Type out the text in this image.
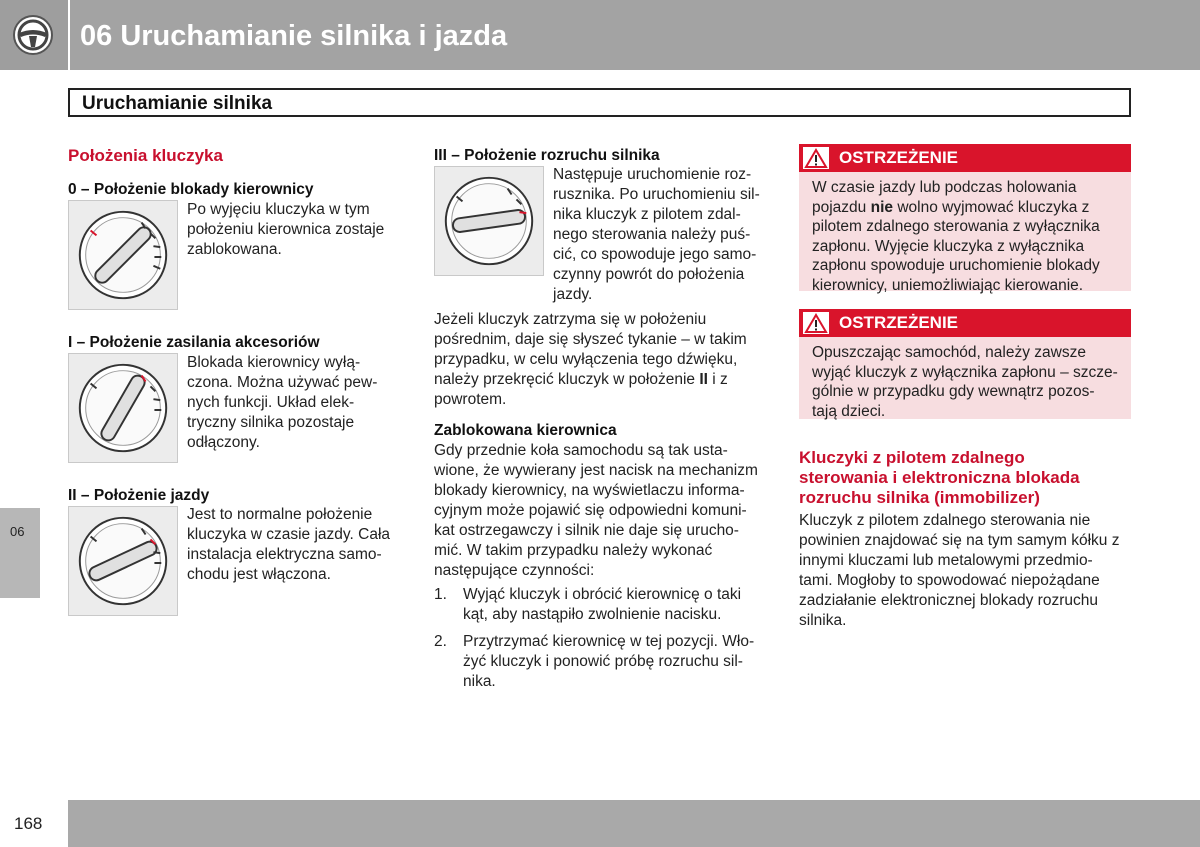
06 Uruchamianie silnika i jazda
Uruchamianie silnika
Położenia kluczyka
0 – Położenie blokady kierownicy
Po wyjęciu kluczyka w tym
położeniu kierownica zostaje
zablokowana.
I – Położenie zasilania akcesoriów
Blokada kierownicy wyłą-
czona. Można używać pew-
nych funkcji. Układ elek-
tryczny silnika pozostaje
odłączony.
II – Położenie jazdy
Jest to normalne położenie
kluczyka w czasie jazdy. Cała
instalacja elektryczna samo-
chodu jest włączona.
III – Położenie rozruchu silnika
Następuje uruchomienie roz-
rusznika. Po uruchomieniu sil-
nika kluczyk z pilotem zdal-
nego sterowania należy puś-
cić, co spowoduje jego samo-
czynny powrót do położenia
jazdy.
Jeżeli kluczyk zatrzyma się w położeniu
pośrednim, daje się słyszeć tykanie – w takim
przypadku, w celu wyłączenia tego dźwięku,
należy przekręcić kluczyk w położenie II i z
powrotem.
Zablokowana kierownica
Gdy przednie koła samochodu są tak usta-
wione, że wywierany jest nacisk na mechanizm
blokady kierownicy, na wyświetlaczu informa-
cyjnym może pojawić się odpowiedni komuni-
kat ostrzegawczy i silnik nie daje się urucho-
mić. W takim przypadku należy wykonać
następujące czynności:
1. Wyjąć kluczyk i obrócić kierownicę o taki
kąt, aby nastąpiło zwolnienie nacisku.
2. Przytrzymać kierownicę w tej pozycji. Wło-
żyć kluczyk i ponowić próbę rozruchu sil-
nika.
OSTRZEŻENIE
W czasie jazdy lub podczas holowania
pojazdu nie wolno wyjmować kluczyka z
pilotem zdalnego sterowania z wyłącznika
zapłonu. Wyjęcie kluczyka z wyłącznika
zapłonu spowoduje uruchomienie blokady
kierownicy, uniemożliwiając kierowanie.
OSTRZEŻENIE
Opuszczając samochód, należy zawsze
wyjąć kluczyk z wyłącznika zapłonu – szcze-
gólnie w przypadku gdy wewnątrz pozos-
tają dzieci.
Kluczyki z pilotem zdalnego
sterowania i elektroniczna blokada
rozruchu silnika (immobilizer)
Kluczyk z pilotem zdalnego sterowania nie
powinien znajdować się na tym samym kółku z
innymi kluczami lub metalowymi przedmio-
tami. Mogłoby to spowodować niepożądane
zadziałanie elektronicznej blokady rozruchu
silnika.
06
168
